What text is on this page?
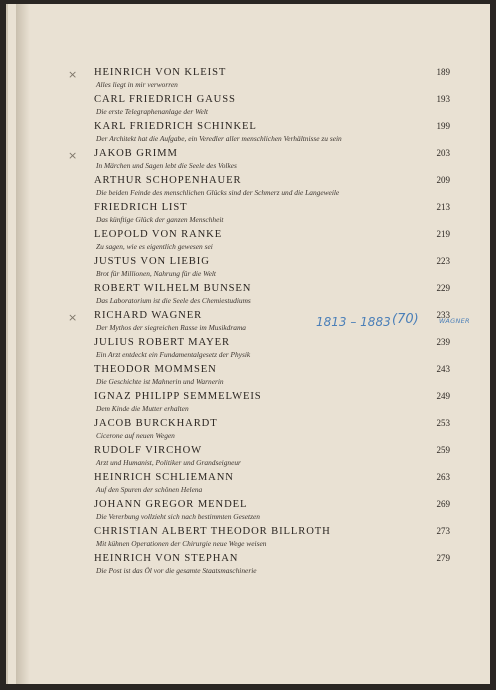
× HEINRICH VON KLEIST
Alles liegt in mir verworren
189
CARL FRIEDRICH GAUSS
Die erste Telegraphenanlage der Welt
193
KARL FRIEDRICH SCHINKEL
Der Architekt hat die Aufgabe, ein Veredler aller menschlichen Verhältnisse zu sein
199
× JAKOB GRIMM
In Märchen und Sagen lebt die Seele des Volkes
203
ARTHUR SCHOPENHAUER
Die beiden Feinde des menschlichen Glücks sind der Schmerz und die Langeweile
209
FRIEDRICH LIST
Das künftige Glück der ganzen Menschheit
213
LEOPOLD VON RANKE
Zu sagen, wie es eigentlich gewesen sei
219
JUSTUS VON LIEBIG
Brot für Millionen, Nahrung für die Welt
223
ROBERT WILHELM BUNSEN
Das Laboratorium ist die Seele des Chemiestudiums
229
× RICHARD WAGNER
Der Mythos der siegreichen Rasse im Musikdrama
233
JULIUS ROBERT MAYER
Ein Arzt entdeckt ein Fundamentalgesetz der Physik
239
THEODOR MOMMSEN
Die Geschichte ist Mahnerin und Warnerin
243
IGNAZ PHILIPP SEMMELWEIS
Dem Kinde die Mutter erhalten
249
JACOB BURCKHARDT
Cicerone auf neuen Wegen
253
RUDOLF VIRCHOW
Arzt und Humanist, Politiker und Grandseigneur
259
HEINRICH SCHLIEMANN
Auf den Spuren der schönen Helena
263
JOHANN GREGOR MENDEL
Die Vererbung vollzieht sich nach bestimmten Gesetzen
269
CHRISTIAN ALBERT THEODOR BILLROTH
Mit kühnen Operationen der Chirurgie neue Wege weisen
273
HEINRICH VON STEPHAN
Die Post ist das Öl vor die gesamte Staatsmaschinerie
279
1813 – 1883 (70)	WAGNER
